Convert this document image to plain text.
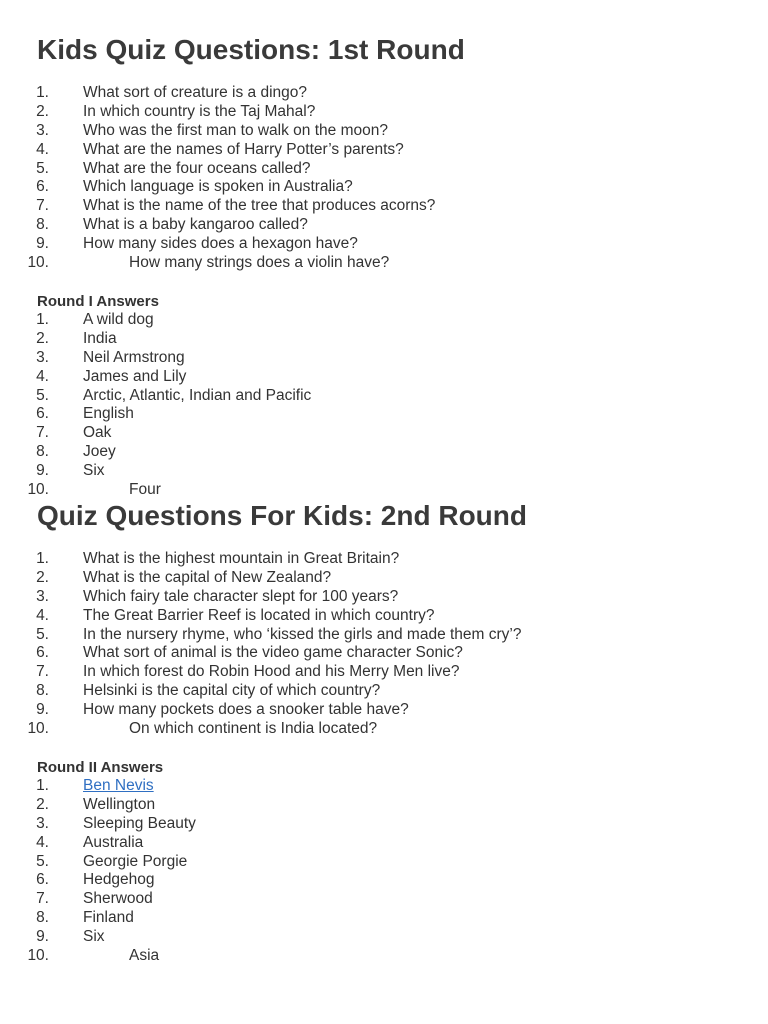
Kids Quiz Questions: 1st Round
1. What sort of creature is a dingo?
2. In which country is the Taj Mahal?
3. Who was the first man to walk on the moon?
4. What are the names of Harry Potter’s parents?
5. What are the four oceans called?
6. Which language is spoken in Australia?
7. What is the name of the tree that produces acorns?
8. What is a baby kangaroo called?
9. How many sides does a hexagon have?
10.	How many strings does a violin have?
Round I Answers
1. A wild dog
2. India
3. Neil Armstrong
4. James and Lily
5. Arctic, Atlantic, Indian and Pacific
6. English
7. Oak
8. Joey
9. Six
10.	Four
Quiz Questions For Kids: 2nd Round
1. What is the highest mountain in Great Britain?
2. What is the capital of New Zealand?
3. Which fairy tale character slept for 100 years?
4. The Great Barrier Reef is located in which country?
5. In the nursery rhyme, who ‘kissed the girls and made them cry’?
6. What sort of animal is the video game character Sonic?
7. In which forest do Robin Hood and his Merry Men live?
8. Helsinki is the capital city of which country?
9. How many pockets does a snooker table have?
10.	On which continent is India located?
Round II Answers
1. Ben Nevis
2. Wellington
3. Sleeping Beauty
4. Australia
5. Georgie Porgie
6. Hedgehog
7. Sherwood
8. Finland
9. Six
10.	Asia
